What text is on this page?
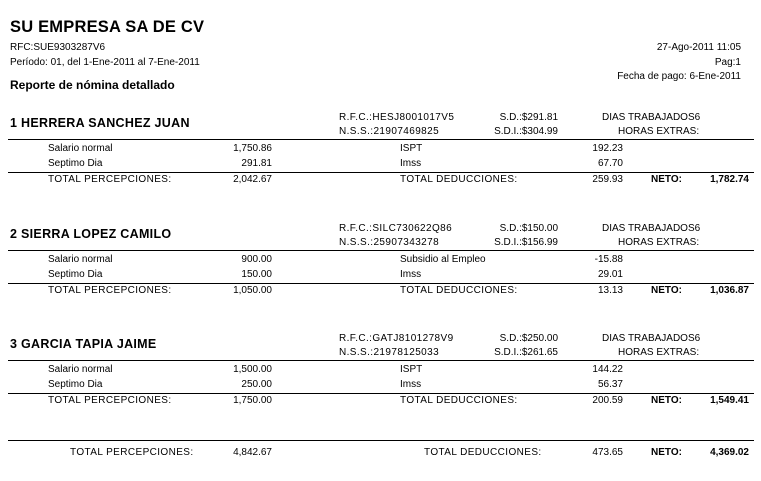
SU EMPRESA SA DE CV
RFC:SUE9303287V6
Período: 01, del 1-Ene-2011 al 7-Ene-2011
Reporte de nómina detallado
27-Ago-2011 11:05
Pag:1
Fecha de pago: 6-Ene-2011
1 HERRERA SANCHEZ JUAN	R.F.C.:HESJ8001017V5
N.S.S.:21907469825
S.D.:$291.81
S.D.I.:$304.99
DIAS TRABAJADOS6
HORAS EXTRAS:
Salario normal	1,750.86	ISPT	192.23
Septimo Dia	291.81	Imss	67.70
TOTAL PERCEPCIONES:	2,042.67	TOTAL DEDUCCIONES:	259.93	NETO:	1,782.74
2 SIERRA LOPEZ CAMILO	R.F.C.:SILC730622Q86
N.S.S.:25907343278
S.D.:$150.00
S.D.I.:$156.99
DIAS TRABAJADOS6
HORAS EXTRAS:
Salario normal	900.00	Subsidio al Empleo	-15.88
Septimo Dia	150.00	Imss	29.01
TOTAL PERCEPCIONES:	1,050.00	TOTAL DEDUCCIONES:	13.13	NETO:	1,036.87
3 GARCIA TAPIA JAIME	R.F.C.:GATJ8101278V9
N.S.S.:21978125033
S.D.:$250.00
S.D.I.:$261.65
DIAS TRABAJADOS6
HORAS EXTRAS:
Salario normal	1,500.00	ISPT	144.22
Septimo Dia	250.00	Imss	56.37
TOTAL PERCEPCIONES:	1,750.00	TOTAL DEDUCCIONES:	200.59	NETO:	1,549.41
TOTAL PERCEPCIONES:	4,842.67	TOTAL DEDUCCIONES:	473.65	NETO:	4,369.02
